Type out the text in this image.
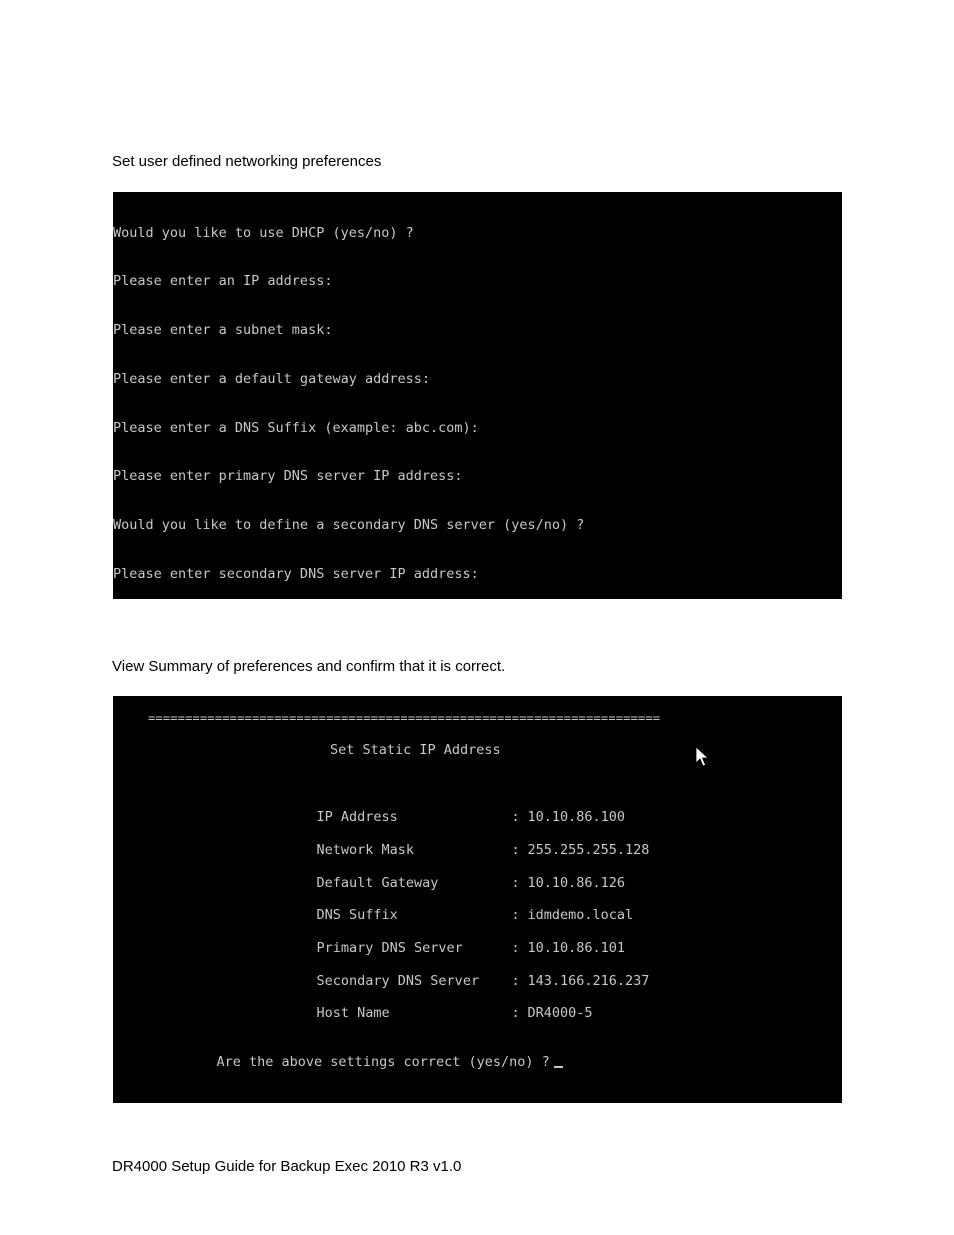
Set user defined networking preferences
Would you like to use DHCP (yes/no) ?
Please enter an IP address:
Please enter a subnet mask:
Please enter a default gateway address:
Please enter a DNS Suffix (example: abc.com):
Please enter primary DNS server IP address:
Would you like to define a secondary DNS server (yes/no) ?
Please enter secondary DNS server IP address:
View Summary of preferences and confirm that it is correct.
=====================================================================
Set Static IP Address

IP Address	: 10.10.86.100

Network Mask	: 255.255.255.128

Default Gateway	: 10.10.86.126

DNS Suffix	: idmdemo.local

Primary DNS Server	: 10.10.86.101

Secondary DNS Server : 143.166.216.237

Host Name	: DR4000-5

Are the above settings correct (yes/no) ?

DR4000 Setup Guide for Backup Exec 2010 R3 v1.0
